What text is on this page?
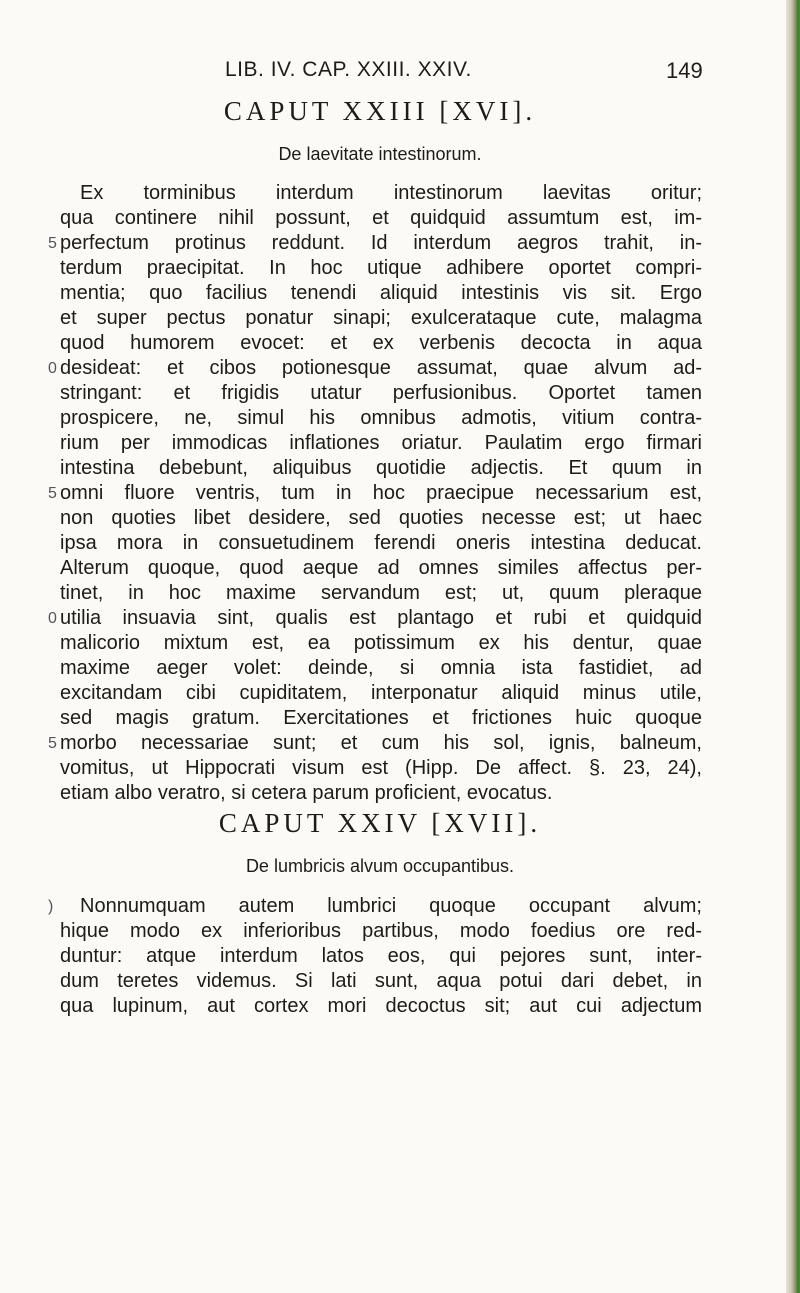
LIB. IV. CAP. XXIII. XXIV.	149
CAPUT XXIII [XVI].
De laevitate intestinorum.
Ex torminibus interdum intestinorum laevitas oritur;
qua continere nihil possunt, et quidquid assumtum est, im-
5 perfectum protinus reddunt. Id interdum aegros trahit, in-
terdum praecipitat. In hoc utique adhibere oportet compri-
mentia; quo facilius tenendi aliquid intestinis vis sit. Ergo
et super pectus ponatur sinapi; exulcerataque cute, malagma
quod humorem evocet: et ex verbenis decocta in aqua
0 desideat: et cibos potionesque assumat, quae alvum ad-
stringant: et frigidis utatur perfusionibus. Oportet tamen
prospicere, ne, simul his omnibus admotis, vitium contra-
rium per immodicas inflationes oriatur. Paulatim ergo firmari
intestina debebunt, aliquibus quotidie adjectis. Et quum in
5 omni fluore ventris, tum in hoc praecipue necessarium est,
non quoties libet desidere, sed quoties necesse est; ut haec
ipsa mora in consuetudinem ferendi oneris intestina deducat.
Alterum quoque, quod aeque ad omnes similes affectus per-
tinet, in hoc maxime servandum est; ut, quum pleraque
0 utilia insuavia sint, qualis est plantago et rubi et quidquid
malicorio mixtum est, ea potissimum ex his dentur, quae
maxime aeger volet: deinde, si omnia ista fastidiet, ad
excitandam cibi cupiditatem, interponatur aliquid minus utile,
sed magis gratum. Exercitationes et frictiones huic quoque
5 morbo necessariae sunt; et cum his sol, ignis, balneum,
vomitus, ut Hippocrati visum est (Hipp. De affect. §. 23, 24),
etiam albo veratro, si cetera parum proficient, evocatus.
CAPUT XXIV [XVII].
De lumbricis alvum occupantibus.
)	Nonnumquam autem lumbrici quoque occupant alvum;
hique modo ex inferioribus partibus, modo foedius ore red-
duntur: atque interdum latos eos, qui pejores sunt, inter-
dum teretes videmus. Si lati sunt, aqua potui dari debet, in
qua lupinum, aut cortex mori decoctus sit; aut cui adjectum
